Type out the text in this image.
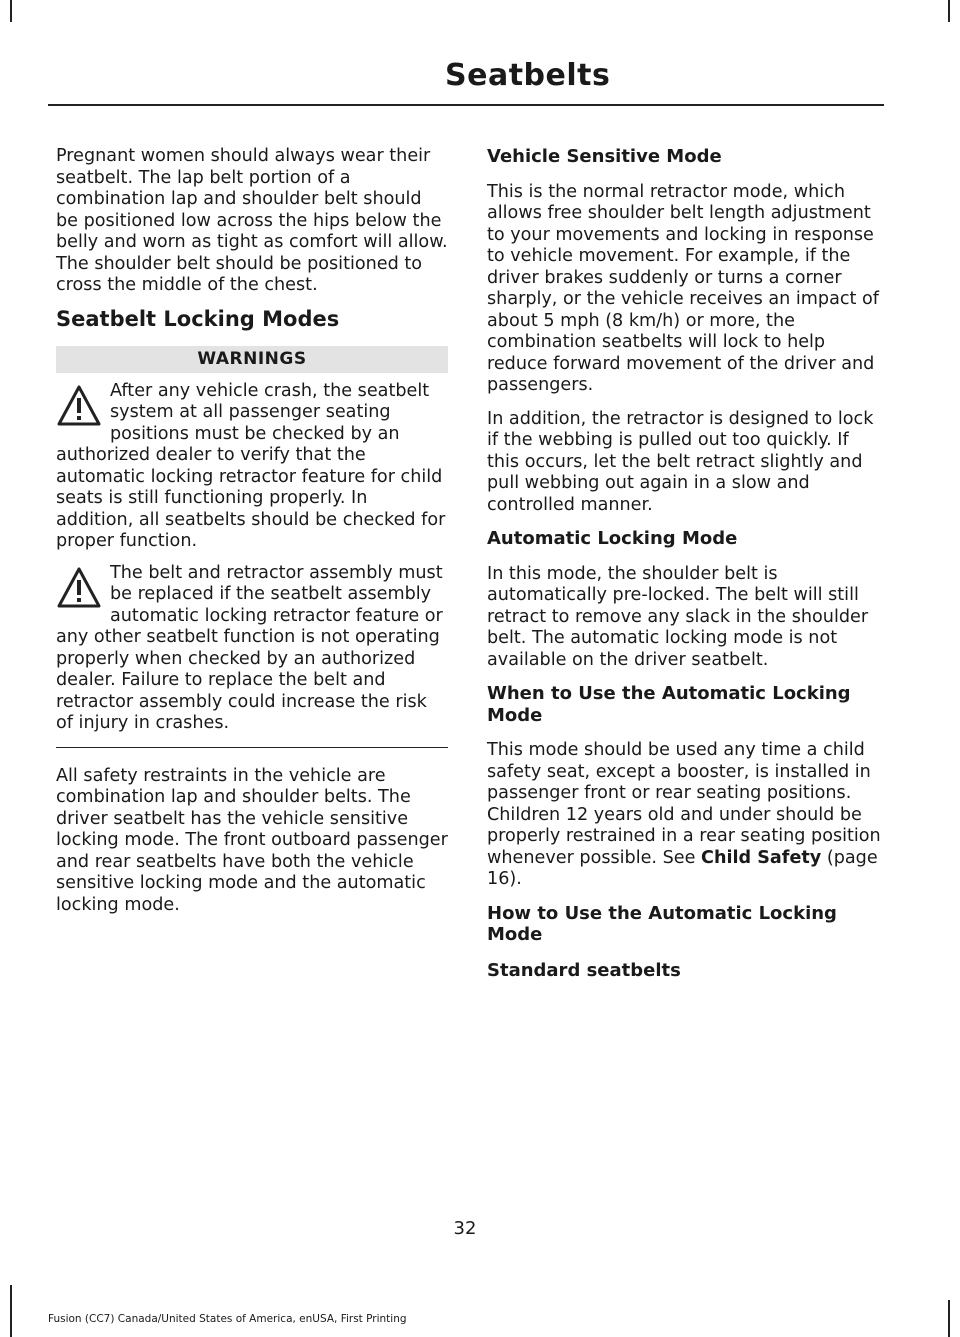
Seatbelts

Pregnant women should always wear their seatbelt. The lap belt portion of a combination lap and shoulder belt should be positioned low across the hips below the belly and worn as tight as comfort will allow. The shoulder belt should be positioned to cross the middle of the chest.

Seatbelt Locking Modes
WARNINGS
After any vehicle crash, the seatbelt system at all passenger seating positions must be checked by an authorized dealer to verify that the automatic locking retractor feature for child seats is still functioning properly. In addition, all seatbelts should be checked for proper function.
The belt and retractor assembly must be replaced if the seatbelt assembly automatic locking retractor feature or any other seatbelt function is not operating properly when checked by an authorized dealer. Failure to replace the belt and retractor assembly could increase the risk of injury in crashes.

All safety restraints in the vehicle are combination lap and shoulder belts. The driver seatbelt has the vehicle sensitive locking mode. The front outboard passenger and rear seatbelts have both the vehicle sensitive locking mode and the automatic locking mode.

Vehicle Sensitive Mode

This is the normal retractor mode, which allows free shoulder belt length adjustment to your movements and locking in response to vehicle movement. For example, if the driver brakes suddenly or turns a corner sharply, or the vehicle receives an impact of about 5 mph (8 km/h) or more, the combination seatbelts will lock to help reduce forward movement of the driver and passengers.

In addition, the retractor is designed to lock if the webbing is pulled out too quickly. If this occurs, let the belt retract slightly and pull webbing out again in a slow and controlled manner.

Automatic Locking Mode

In this mode, the shoulder belt is automatically pre-locked. The belt will still retract to remove any slack in the shoulder belt. The automatic locking mode is not available on the driver seatbelt.

When to Use the Automatic Locking Mode

This mode should be used any time a child safety seat, except a booster, is installed in passenger front or rear seating positions. Children 12 years old and under should be properly restrained in a rear seating position whenever possible. See Child Safety (page 16).

How to Use the Automatic Locking Mode
Standard seatbelts
32
Fusion (CC7) Canada/United States of America, enUSA, First Printing
